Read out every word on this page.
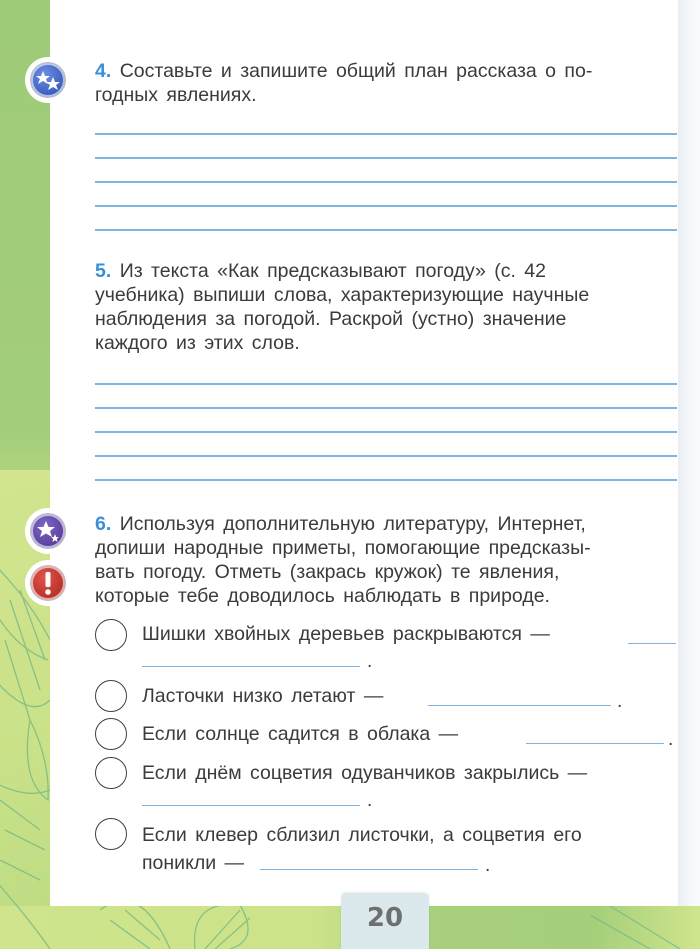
4. Составьте и запишите общий план рассказа о по-
годных явлениях.
5. Из текста «Как предсказывают погоду» (с. 42
учебника) выпиши слова, характеризующие научные
наблюдения за погодой. Раскрой (устно) значение
каждого из этих слов.
6. Используя дополнительную литературу, Интернет,
допиши народные приметы, помогающие предсказы-
вать погоду. Отметь (закрась кружок) те явления,
которые тебе доводилось наблюдать в природе.
Шишки хвойных деревьев раскрываются —
.
Ласточки низко летают —	.
Если солнце садится в облака —	.
Если днём соцветия одуванчиков закрылись —
.
Если клевер сблизил листочки, а соцветия его
поникли —	.
20
